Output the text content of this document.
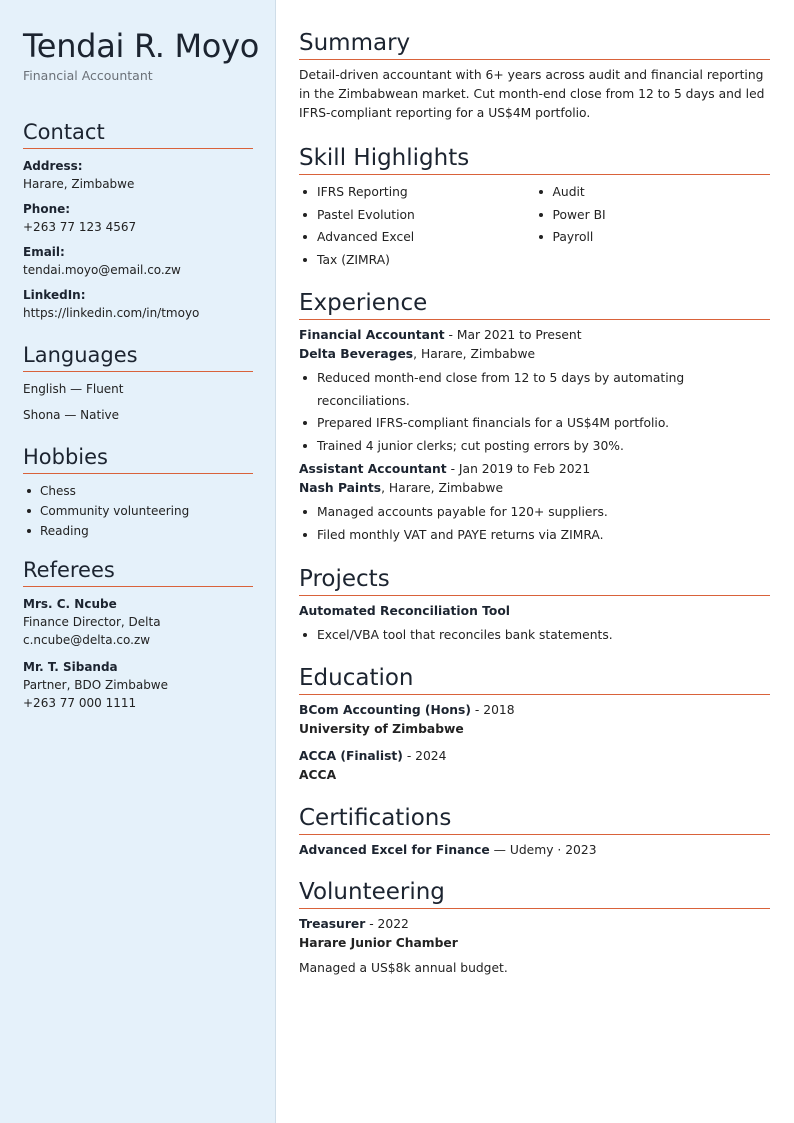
Tendai R. Moyo
Financial Accountant
Contact
Address:
Harare, Zimbabwe
Phone:
+263 77 123 4567
Email:
tendai.moyo@email.co.zw
LinkedIn:
https://linkedin.com/in/tmoyo
Languages
English — Fluent
Shona — Native
Hobbies
Chess
Community volunteering
Reading
Referees
Mrs. C. Ncube
Finance Director, Delta
c.ncube@delta.co.zw
Mr. T. Sibanda
Partner, BDO Zimbabwe
+263 77 000 1111
Summary

Detail-driven accountant with 6+ years across audit and financial reporting in the Zimbabwean market. Cut month-end close from 12 to 5 days and led IFRS-compliant reporting for a US$4M portfolio.

Skill Highlights
IFRS Reporting
Pastel Evolution
Advanced Excel
Tax (ZIMRA)
Audit
Power BI
Payroll
Experience
Financial Accountant - Mar 2021 to Present
Delta Beverages, Harare, Zimbabwe
Reduced month-end close from 12 to 5 days by automating reconciliations.
Prepared IFRS-compliant financials for a US$4M portfolio.
Trained 4 junior clerks; cut posting errors by 30%.
Assistant Accountant - Jan 2019 to Feb 2021
Nash Paints, Harare, Zimbabwe
Managed accounts payable for 120+ suppliers.
Filed monthly VAT and PAYE returns via ZIMRA.
Projects
Automated Reconciliation Tool
Excel/VBA tool that reconciles bank statements.
Education
BCom Accounting (Hons) - 2018
University of Zimbabwe
ACCA (Finalist) - 2024
ACCA
Certifications
Advanced Excel for Finance — Udemy · 2023
Volunteering
Treasurer - 2022
Harare Junior Chamber

Managed a US$8k annual budget.
